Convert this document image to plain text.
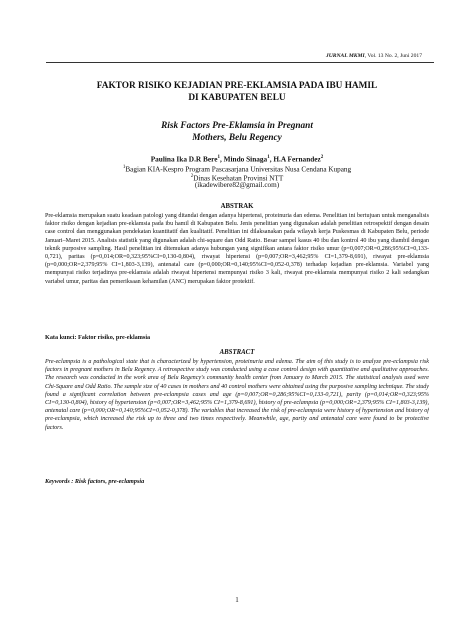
JURNAL MKMI, Vol. 13 No. 2, Juni 2017
FAKTOR RISIKO KEJADIAN PRE-EKLAMSIA PADA IBU HAMIL
DI KABUPATEN BELU
Risk Factors Pre-Eklamsia in Pregnant
Mothers, Belu Regency
Paulina Ika D.R Bere$^1$, Mindo Sinaga$^1$, H.A Fernandez$^2$
$^1$Bagian KIA-Kespro Program Pascasarjana Universitas Nusa Cendana Kupang
$^2$Dinas Kesehatan Provinsi NTT
(ikadewibere82@gmail.com)
ABSTRAK
Pre-eklamsia merupakan suatu keadaan patologi yang ditandai dengan adanya hipertensi, proteinuria dan edema. Penelitian ini bertujuan untuk menganalisis faktor risiko dengan kejadian pre-eklamsia pada ibu hamil di Kabupaten Belu. Jenis penelitian yang digunakan adalah penelitian retrospektif dengan desain case control dan menggunakan pendekatan kuantitatif dan kualitatif. Penelitian ini dilaksanakan pada wilayah kerja Puskesmas di Kabupaten Belu, periode Januari–Maret 2015. Analisis statistik yang digunakan adalah chi-square dan Odd Ratio. Besar sampel kasus 40 ibu dan kontrol 40 ibu yang diambil dengan teknik purposive sampling. Hasil penelitian ini ditemukan adanya hubungan yang signifikan antara faktor risiko umur (p=0,007;OR=0,286;95%CI=0,133-0,721), paritas (p=0,014;OR=0,323;95%CI=0,130-0,804), riwayat hipertensi (p=0,007;OR=3,462;95% CI=1,379-8,691), riwayat pre-eklamsia (p=0,000;OR=2,379;95% CI=1,803-3,139), antenatal care (p=0,000;OR=0,140;95%CI=0,052-0,378) terhadap kejadian pre-eklamsia. Variabel yang mempunyai risiko terjadinya pre-eklamsia adalah riwayat hipertensi mempunyai risiko 3 kali, riwayat pre-eklamsia mempunyai risiko 2 kali sedangkan variabel umur, paritas dan pemeriksaan kehamilan (ANC) merupakan faktor protektif.
Kata kunci: Faktor risiko, pre-eklamsia
ABSTRACT
Pre-eclampsia is a pathological state that is characterized by hypertension, proteinuria and edema. The aim of this study is to analyze pre-eclampsia risk factors in pregnant mothers in Belu Regency. A retrospective study was conducted using a case control design with quantitative and qualitative approaches. The research was conducted in the work area of Belu Regency's community health center from January to March 2015. The statistical analysis used were Chi-Square and Odd Ratio. The sample size of 40 cases in mothers and 40 control mothers were obtained using the purposive sampling technique. The study found a significant correlation between pre-eclampsia cases and age (p=0,007;OR=0,286;95%CI=0,133-0,721), parity (p=0,014;OR=0,323;95% CI=0,130-0,804), history of hypertension (p=0,007;OR=3,462;95% CI=1,379-8,691), history of pre-eclampsia (p=0,000;OR=2,379;95% CI=1,803-3,139), antenatal care (p=0,000;OR=0,140;95%CI=0,052-0,378). The variables that increased the risk of pre-eclampsia were history of hypertension and history of pre-eclampsia, which increased the risk up to three and two times respectively. Meanwhile, age, parity and antenatal care were found to be protective factors.
Keywords : Risk factors, pre-eclampsia
1
